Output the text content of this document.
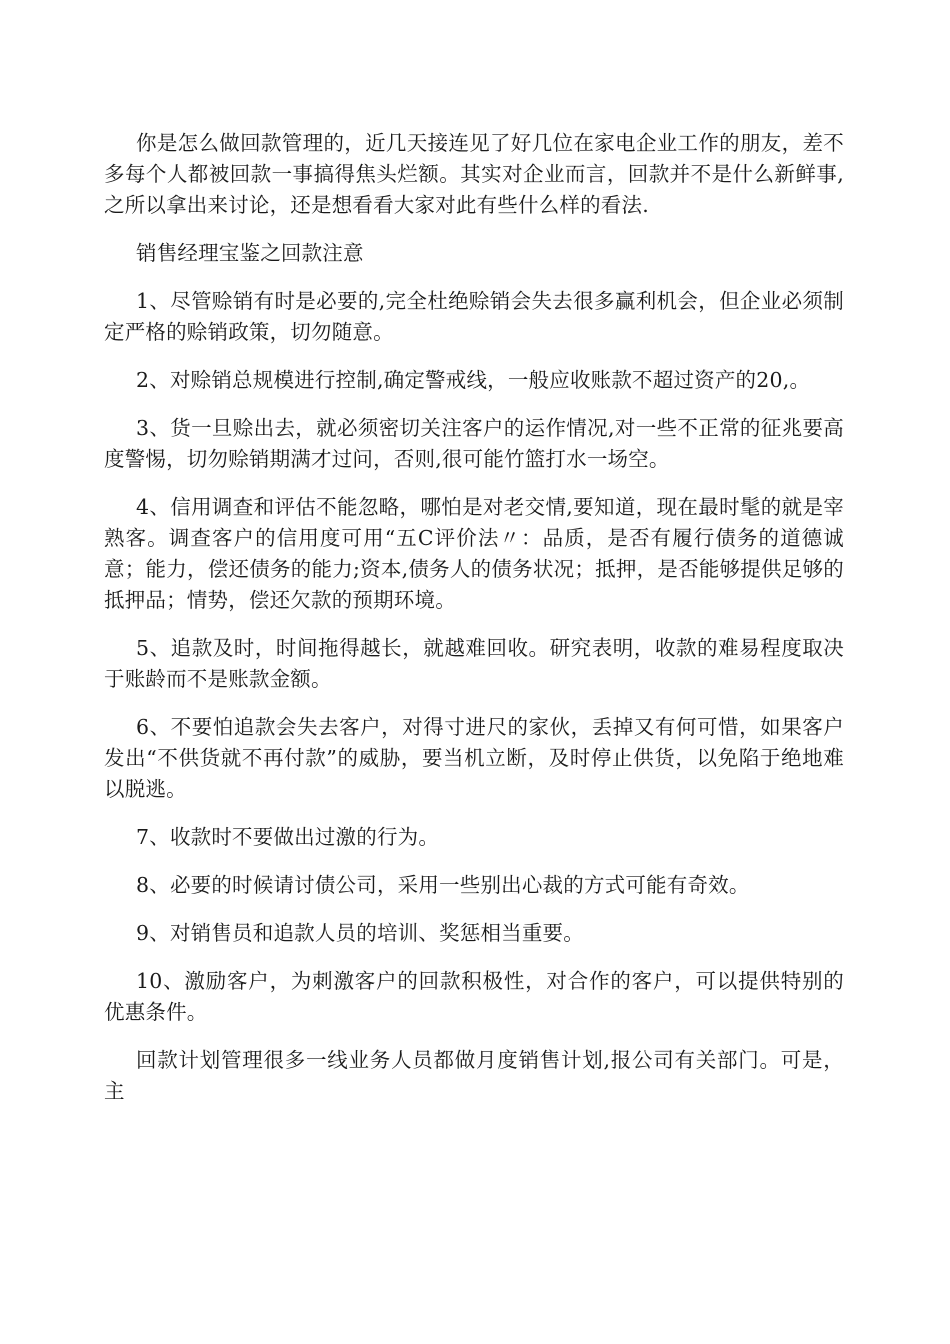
你是怎么做回款管理的，近几天接连见了好几位在家电企业工作的朋友，差不多每个人都被回款一事搞得焦头烂额。其实对企业而言，回款并不是什么新鲜事,之所以拿出来讨论，还是想看看大家对此有些什么样的看法.

销售经理宝鉴之回款注意

1、尽管赊销有时是必要的,完全杜绝赊销会失去很多赢利机会，但企业必须制定严格的赊销政策，切勿随意。

2、对赊销总规模进行控制,确定警戒线，一般应收账款不超过资产的20,。

3、货一旦赊出去，就必须密切关注客户的运作情况,对一些不正常的征兆要高度警惕，切勿赊销期满才过问，否则,很可能竹篮打水一场空。

4、信用调查和评估不能忽略，哪怕是对老交情,要知道，现在最时髦的就是宰熟客。调查客户的信用度可用“五C评价法〃：品质，是否有履行债务的道德诚意；能力，偿还债务的能力;资本,债务人的债务状况；抵押，是否能够提供足够的抵押品；情势，偿还欠款的预期环境。

5、追款及时，时间拖得越长，就越难回收。研究表明，收款的难易程度取决于账龄而不是账款金额。

6、不要怕追款会失去客户，对得寸进尺的家伙，丢掉又有何可惜，如果客户发出“不供货就不再付款”的威胁，要当机立断，及时停止供货，以免陷于绝地难以脱逃。

7、收款时不要做出过激的行为。

8、必要的时候请讨债公司，采用一些别出心裁的方式可能有奇效。

9、对销售员和追款人员的培训、奖惩相当重要。

10、激励客户，为刺激客户的回款积极性，对合作的客户，可以提供特别的优惠条件。

回款计划管理很多一线业务人员都做月度销售计划,报公司有关部门。可是，主
